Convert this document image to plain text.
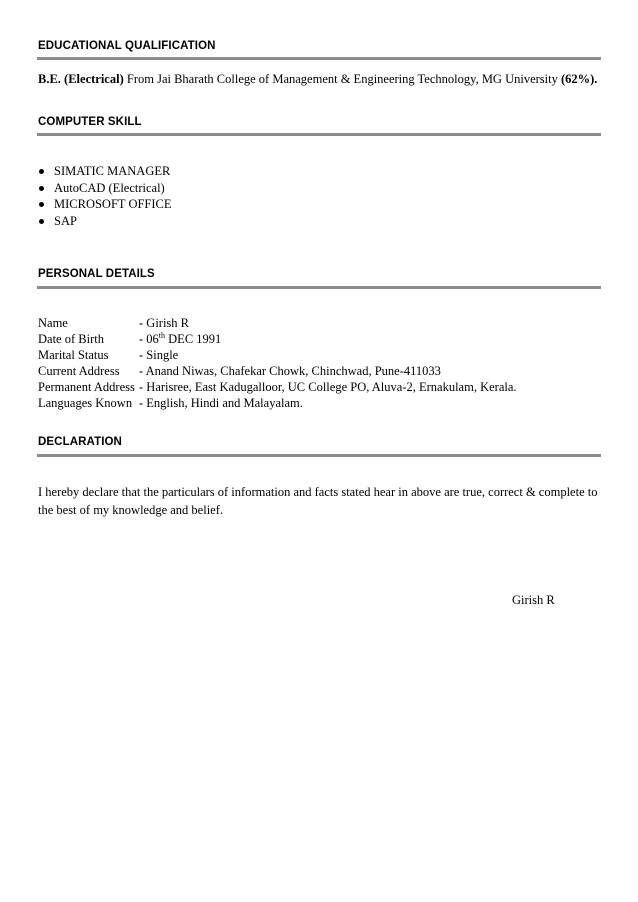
EDUCATIONAL QUALIFICATION
B.E. (Electrical) From Jai Bharath College of Management & Engineering Technology, MG University (62%).
COMPUTER SKILL
SIMATIC MANAGER
AutoCAD (Electrical)
MICROSOFT OFFICE
SAP
PERSONAL DETAILS
Name	- Girish R
Date of Birth	- 06th DEC 1991
Marital Status - Single
Current Address - Anand Niwas, Chafekar Chowk, Chinchwad, Pune-411033
Permanent Address - Harisree, East Kadugalloor, UC College PO, Aluva-2, Ernakulam, Kerala.
Languages Known - English, Hindi and Malayalam.
DECLARATION
I hereby declare that the particulars of information and facts stated hear in above are true, correct & complete to the best of my knowledge and belief.
Girish R
